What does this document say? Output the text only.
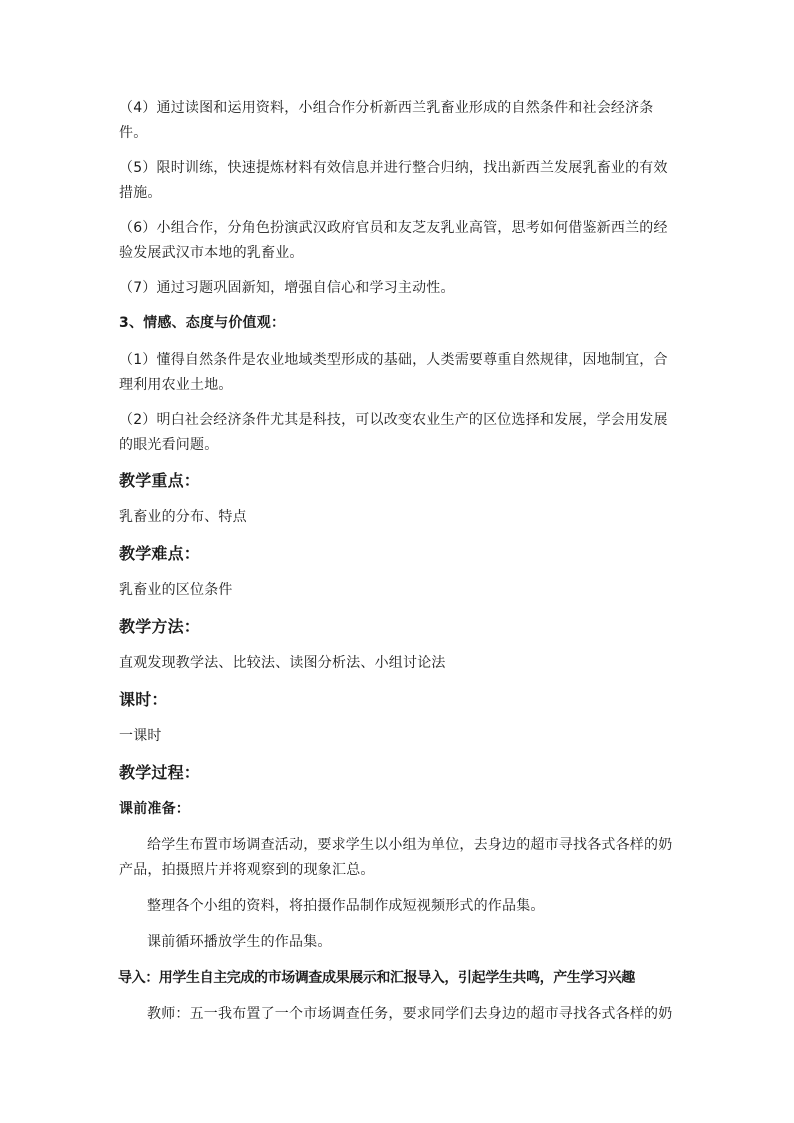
（4）通过读图和运用资料，小组合作分析新西兰乳畜业形成的自然条件和社会经济条件。

（5）限时训练，快速提炼材料有效信息并进行整合归纳，找出新西兰发展乳畜业的有效措施。

（6）小组合作，分角色扮演武汉政府官员和友芝友乳业高管，思考如何借鉴新西兰的经验发展武汉市本地的乳畜业。

（7）通过习题巩固新知，增强自信心和学习主动性。

3、情感、态度与价值观：

（1）懂得自然条件是农业地域类型形成的基础，人类需要尊重自然规律，因地制宜，合理利用农业土地。

（2）明白社会经济条件尤其是科技，可以改变农业生产的区位选择和发展，学会用发展的眼光看问题。

教学重点：

乳畜业的分布、特点

教学难点：

乳畜业的区位条件

教学方法：

直观发现教学法、比较法、读图分析法、小组讨论法

课时：

一课时

教学过程：

课前准备：

给学生布置市场调查活动，要求学生以小组为单位，去身边的超市寻找各式各样的奶产品，拍摄照片并将观察到的现象汇总。

整理各个小组的资料，将拍摄作品制作成短视频形式的作品集。

课前循环播放学生的作品集。

导入：用学生自主完成的市场调查成果展示和汇报导入，引起学生共鸣，产生学习兴趣

教师：五一我布置了一个市场调查任务，要求同学们去身边的超市寻找各式各样的奶
